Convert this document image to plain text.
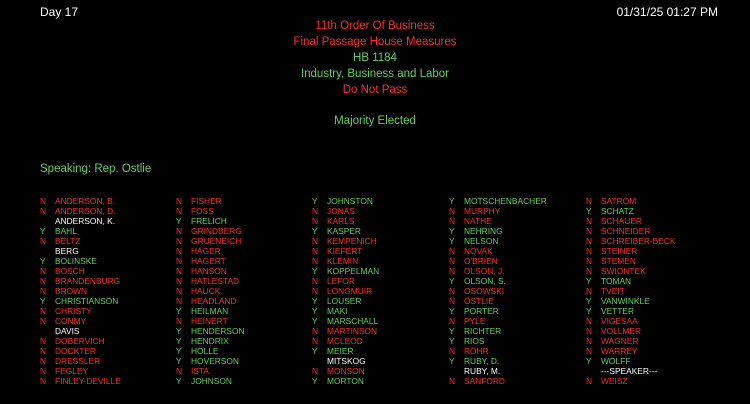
Day 17	01/31/25 01:27 PM
11th Order Of Business
Final Passage House Measures
HB 1184
Industry, Business and Labor
Do Not Pass
Majority Elected
Speaking: Rep. Ostlie
N	ANDERSON, B.
N	ANDERSON, D.
ANDERSON, K.
Y	BAHL
N	BELTZ
BERG
Y	BOLINSKE
N	BOSCH
N	BRANDENBURG
N	BROWN
Y	CHRISTIANSON
N	CHRISTY
N	CONMY
DAVIS
N	DOBERVICH
N	DOCKTER
N	DRESSLER
N	FEGLEY
N	FINLEY-DEVILLE
N	FISHER
N	FOSS
Y	FRELICH
N	GRINDBERG
N	GRUENEICH
N	HAGER
N	HAGERT
N	HANSON
N	HATLESTAD
N	HAUCK
N	HEADLAND
Y	HEILMAN
N	HEINERT
Y	HENDERSON
Y	HENDRIX
Y	HOLLE
Y	HOVERSON
N	ISTA
Y	JOHNSON
Y	JOHNSTON
N	JONAS
N	KARLS
Y	KASPER
N	KEMPENICH
N	KIEFERT
N	KLEMIN
Y	KOPPELMAN
N	LEFOR
N	LONGMUIR
Y	LOUSER
Y	MAKI
Y	MARSCHALL
N	MARTINSON
N	MCLEOD
Y	MEIER
MITSKOG
N	MONSON
Y	MORTON
Y	MOTSCHENBACHER
N	MURPHY
N	NATHE
Y	NEHRING
Y	NELSON
N	NOVAK
N	O'BRIEN
N	OLSON, J.
Y	OLSON, S.
N	OSOWSKI
N	OSTLIE
Y	PORTER
N	PYLE
Y	RICHTER
Y	RIOS
N	ROHR
Y	RUBY, D.
RUBY, M.
N	SANFORD
N	SATROM
Y	SCHATZ
N	SCHAUER
N	SCHNEIDER
N	SCHREIBER-BECK
N	STEINER
N	STEMEN
N	SWIONTEK
Y	TOMAN
N	TVEIT
Y	VANWINKLE
Y	VETTER
N	VIGESAA
N	VOLLMER
N	WAGNER
N	WARREY
Y	WOLFF
---SPEAKER---
N	WEISZ
